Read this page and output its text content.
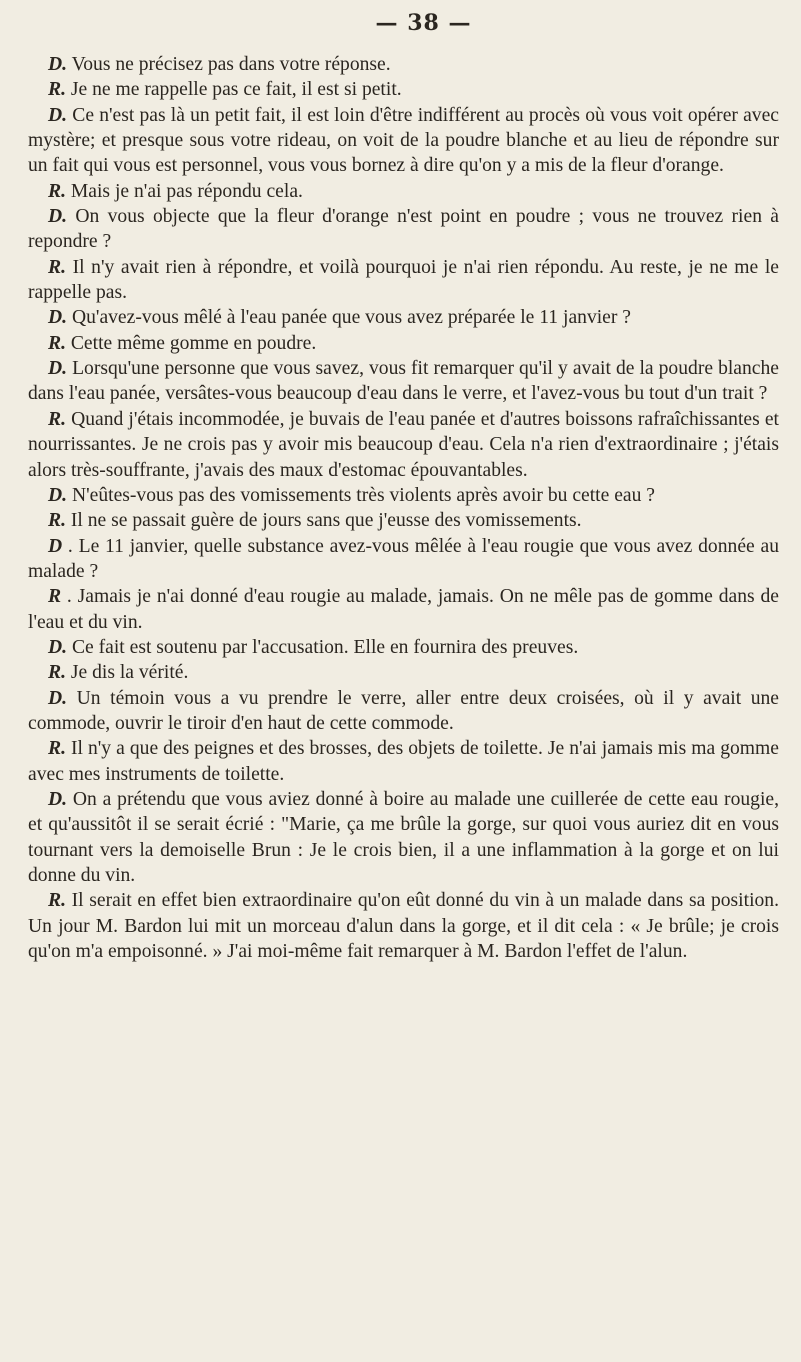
— 38 —

D. Vous ne précisez pas dans votre réponse.

R. Je ne me rappelle pas ce fait, il est si petit.

D. Ce n'est pas là un petit fait, il est loin d'être indifférent au procès où vous voit opérer avec mystère; et presque sous votre rideau, on voit de la poudre blanche et au lieu de répondre sur un fait qui vous est personnel, vous vous bornez à dire qu'on y a mis de la fleur d'orange.

R. Mais je n'ai pas répondu cela.

D. On vous objecte que la fleur d'orange n'est point en poudre ; vous ne trouvez rien à repondre ?

R. Il n'y avait rien à répondre, et voilà pourquoi je n'ai rien répondu. Au reste, je ne me le rappelle pas.

D. Qu'avez-vous mêlé à l'eau panée que vous avez préparée le 11 janvier ?

R. Cette même gomme en poudre.

D. Lorsqu'une personne que vous savez, vous fit remarquer qu'il y avait de la poudre blanche dans l'eau panée, versâtes-vous beaucoup d'eau dans le verre, et l'avez-vous bu tout d'un trait ?

R. Quand j'étais incommodée, je buvais de l'eau panée et d'autres boissons rafraîchissantes et nourrissantes. Je ne crois pas y avoir mis beaucoup d'eau. Cela n'a rien d'extraordinaire ; j'étais alors très-souffrante, j'avais des maux d'estomac épouvantables.

D. N'eûtes-vous pas des vomissements très violents après avoir bu cette eau ?

R. Il ne se passait guère de jours sans que j'eusse des vomissements.

D . Le 11 janvier, quelle substance avez-vous mêlée à l'eau rougie que vous avez donnée au malade ?

R . Jamais je n'ai donné d'eau rougie au malade, jamais. On ne mêle pas de gomme dans de l'eau et du vin.

D. Ce fait est soutenu par l'accusation. Elle en fournira des preuves.

R. Je dis la vérité.

D. Un témoin vous a vu prendre le verre, aller entre deux croisées, où il y avait une commode, ouvrir le tiroir d'en haut de cette commode.

R. Il n'y a que des peignes et des brosses, des objets de toilette. Je n'ai jamais mis ma gomme avec mes instruments de toilette.

D. On a prétendu que vous aviez donné à boire au malade une cuillerée de cette eau rougie, et qu'aussitôt il se serait écrié : "Marie, ça me brûle la gorge, sur quoi vous auriez dit en vous tournant vers la demoiselle Brun : Je le crois bien, il a une inflammation à la gorge et on lui donne du vin.

R. Il serait en effet bien extraordinaire qu'on eût donné du vin à un malade dans sa position. Un jour M. Bardon lui mit un morceau d'alun dans la gorge, et il dit cela : « Je brûle; je crois qu'on m'a empoisonné. » J'ai moi-même fait remarquer à M. Bardon l'effet de l'alun.
